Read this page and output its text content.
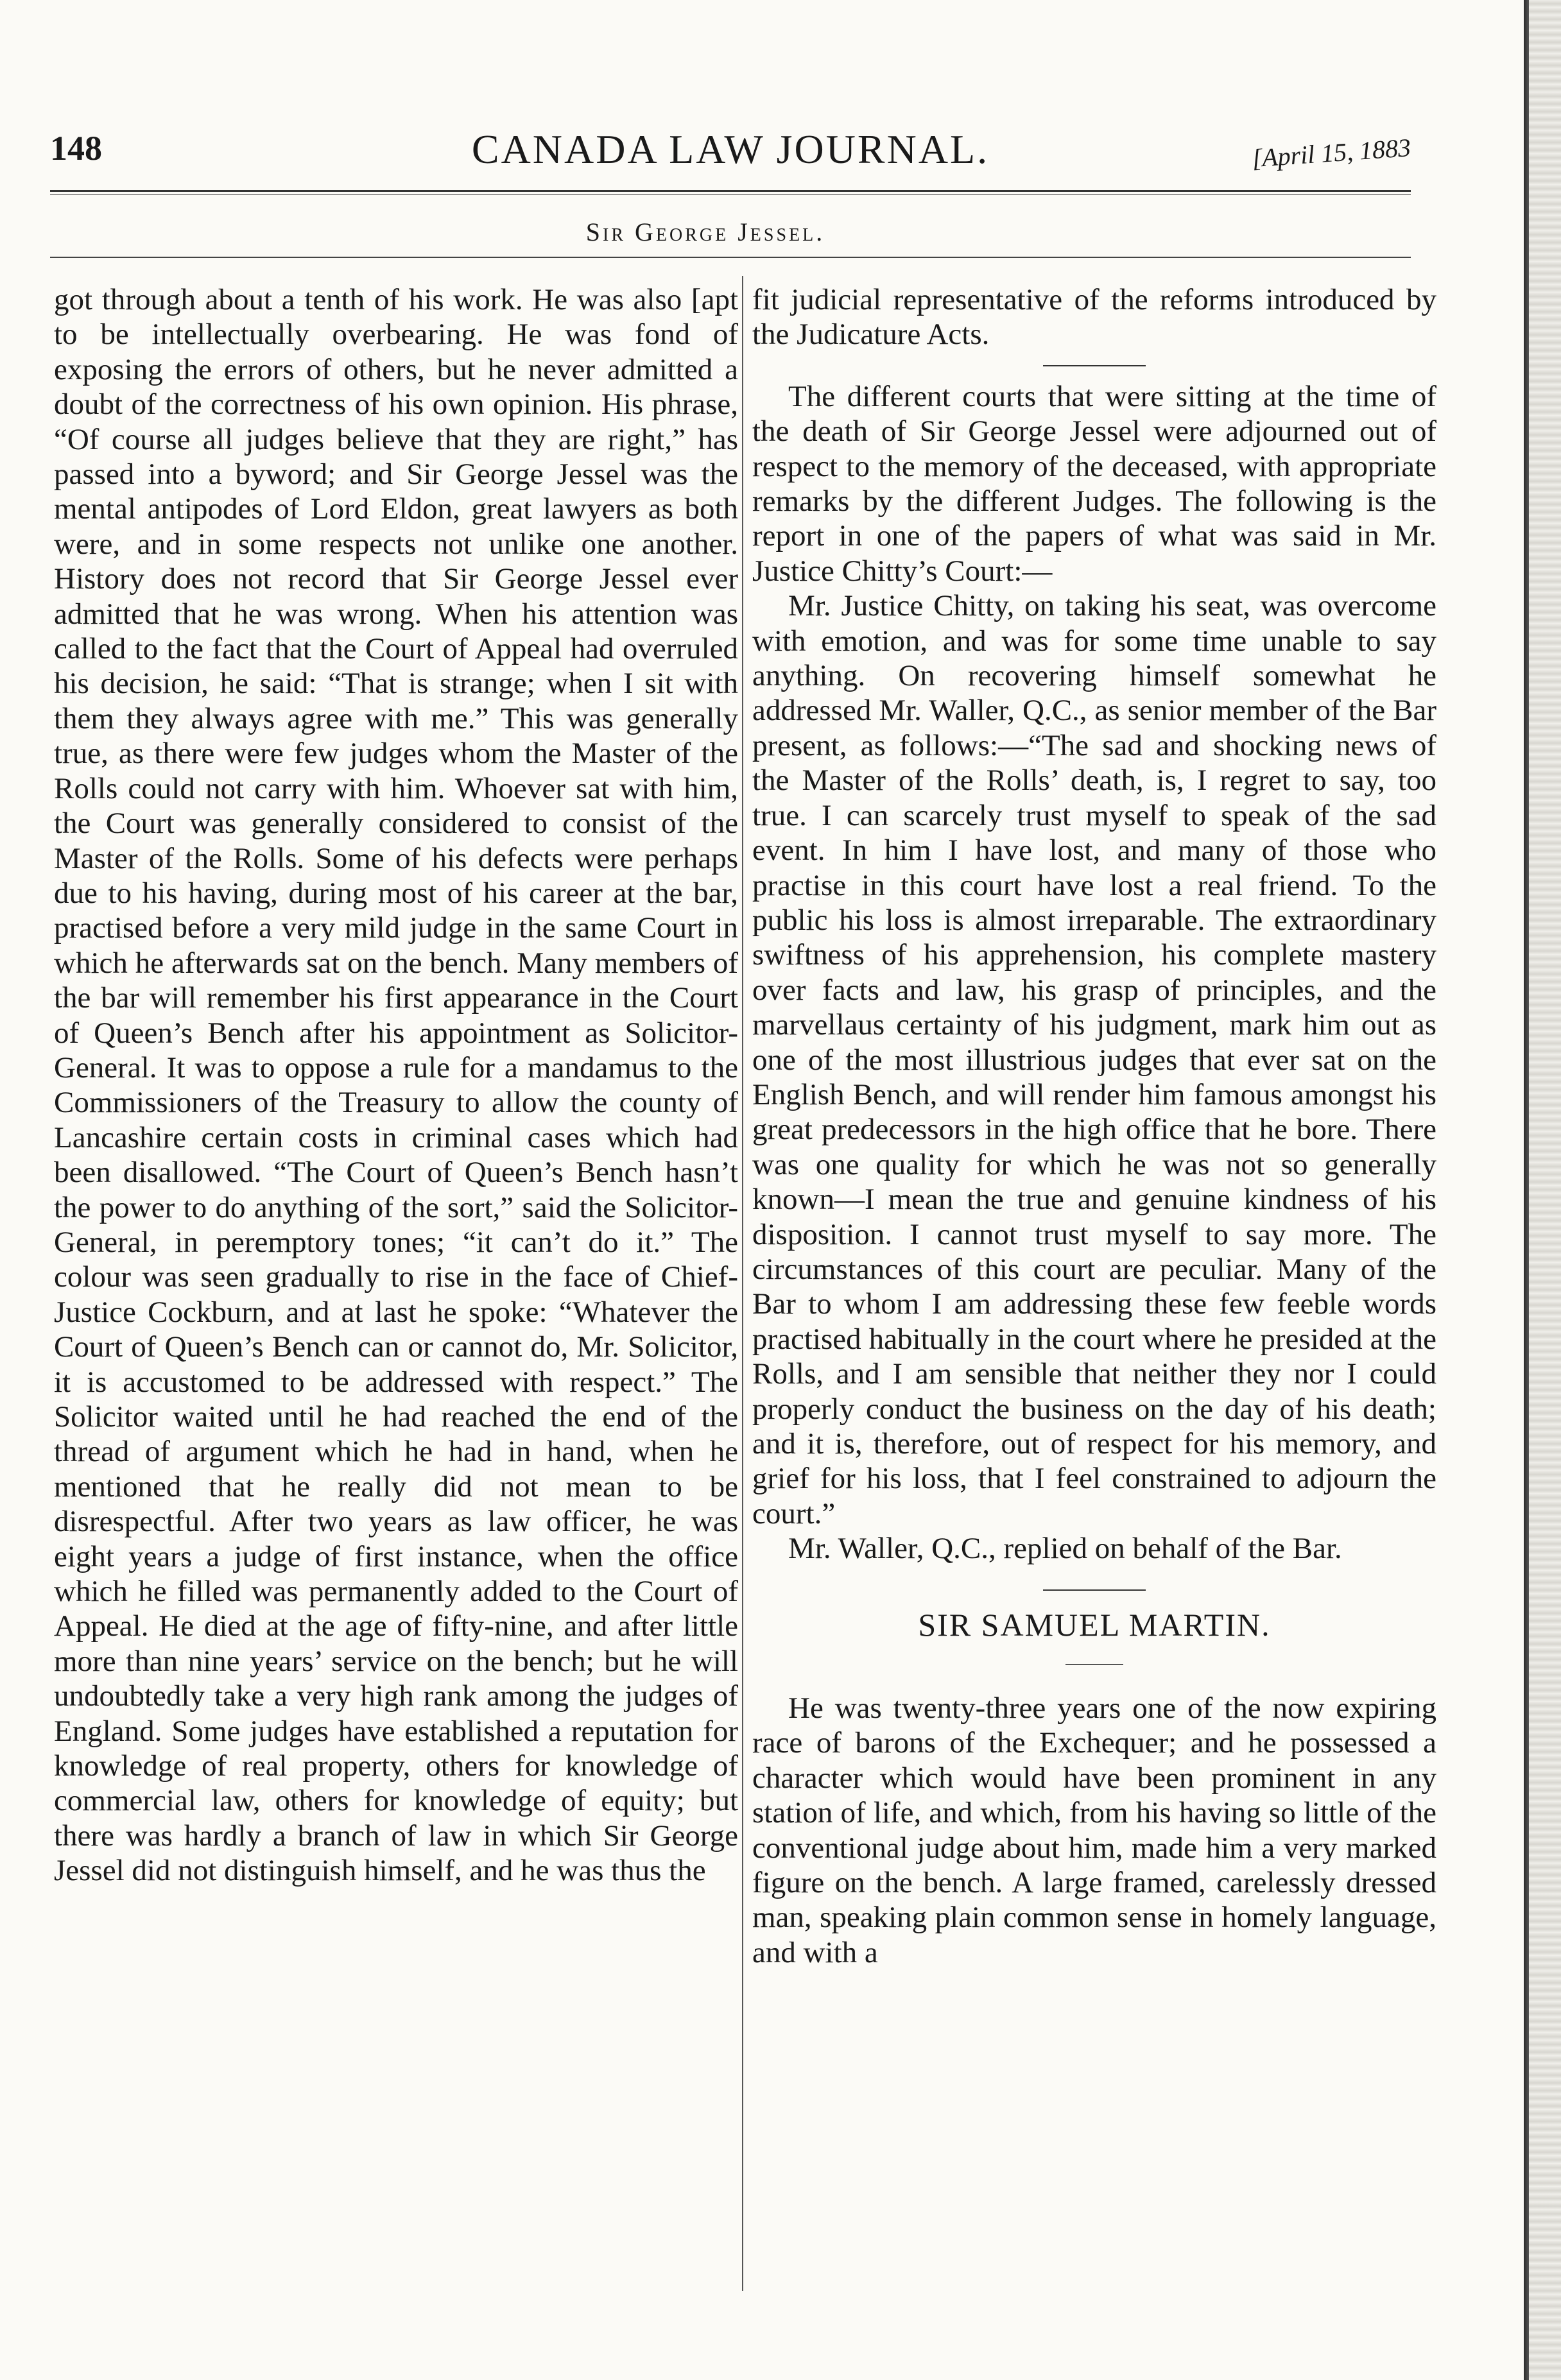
148	CANADA LAW JOURNAL.	[April 15, 1883
Sir George Jessel.

got through about a tenth of his work. He was also [apt to be intellectually overbearing. He was fond of exposing the errors of others, but he never admitted a doubt of the correctness of his own opinion. His phrase, “Of course all judges believe that they are right,” has passed into a byword; and Sir George Jessel was the mental antipodes of Lord Eldon, great lawyers as both were, and in some respects not unlike one another. History does not record that Sir George Jessel ever admitted that he was wrong. When his attention was called to the fact that the Court of Appeal had overruled his decision, he said: “That is strange; when I sit with them they always agree with me.” This was generally true, as there were few judges whom the Master of the Rolls could not carry with him. Whoever sat with him, the Court was generally considered to consist of the Master of the Rolls. Some of his defects were perhaps due to his having, during most of his career at the bar, practised before a very mild judge in the same Court in which he afterwards sat on the bench. Many members of the bar will remember his first appearance in the Court of Queen’s Bench after his appointment as Solicitor-General. It was to oppose a rule for a mandamus to the Commissioners of the Treasury to allow the county of Lancashire certain costs in criminal cases which had been disallowed. “The Court of Queen’s Bench hasn’t the power to do anything of the sort,” said the Solicitor-General, in peremptory tones; “it can’t do it.” The colour was seen gradually to rise in the face of Chief-Justice Cockburn, and at last he spoke: “Whatever the Court of Queen’s Bench can or cannot do, Mr. Solicitor, it is accustomed to be addressed with respect.” The Solicitor waited until he had reached the end of the thread of argument which he had in hand, when he mentioned that he really did not mean to be disrespectful. After two years as law officer, he was eight years a judge of first instance, when the office which he filled was permanently added to the Court of Appeal. He died at the age of fifty-nine, and after little more than nine years’ service on the bench; but he will undoubtedly take a very high rank among the judges of England. Some judges have established a reputation for knowledge of real property, others for knowledge of commercial law, others for knowledge of equity; but there was hardly a branch of law in which Sir George Jessel did not distinguish himself, and he was thus the

fit judicial representative of the reforms introduced by the Judicature Acts.

The different courts that were sitting at the time of the death of Sir George Jessel were adjourned out of respect to the memory of the deceased, with appropriate remarks by the different Judges. The following is the report in one of the papers of what was said in Mr. Justice Chitty’s Court:—

Mr. Justice Chitty, on taking his seat, was overcome with emotion, and was for some time unable to say anything. On recovering himself somewhat he addressed Mr. Waller, Q.C., as senior member of the Bar present, as follows:—“The sad and shocking news of the Master of the Rolls’ death, is, I regret to say, too true. I can scarcely trust myself to speak of the sad event. In him I have lost, and many of those who practise in this court have lost a real friend. To the public his loss is almost irreparable. The extraordinary swiftness of his apprehension, his complete mastery over facts and law, his grasp of principles, and the marvellaus certainty of his judgment, mark him out as one of the most illustrious judges that ever sat on the English Bench, and will render him famous amongst his great predecessors in the high office that he bore. There was one quality for which he was not so generally known—I mean the true and genuine kindness of his disposition. I cannot trust myself to say more. The circumstances of this court are peculiar. Many of the Bar to whom I am addressing these few feeble words practised habitually in the court where he presided at the Rolls, and I am sensible that neither they nor I could properly conduct the business on the day of his death; and it is, therefore, out of respect for his memory, and grief for his loss, that I feel constrained to adjourn the court.”

Mr. Waller, Q.C., replied on behalf of the Bar.

SIR SAMUEL MARTIN.

He was twenty-three years one of the now expiring race of barons of the Exchequer; and he possessed a character which would have been prominent in any station of life, and which, from his having so little of the conventional judge about him, made him a very marked figure on the bench. A large framed, carelessly dressed man, speaking plain common sense in homely language, and with a
